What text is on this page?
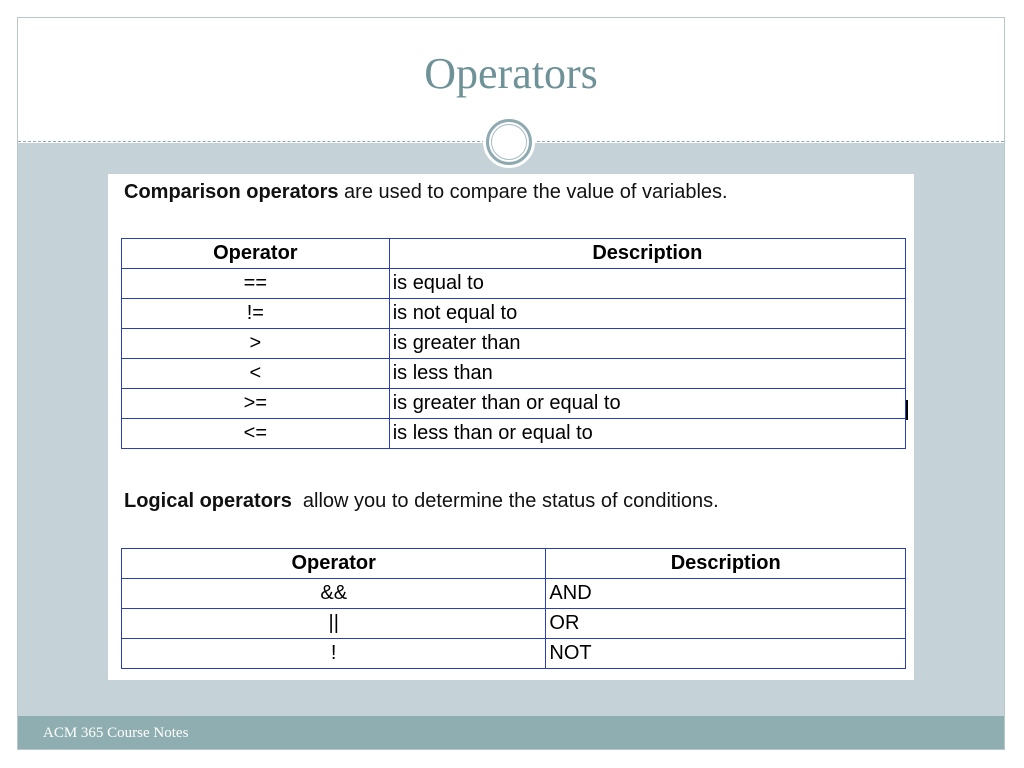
Operators
Comparison operators are used to compare the value of variables.
Operator	Description
==	is equal to
!=	is not equal to
>	is greater than
<	is less than
>=	is greater than or equal to
<=	is less than or equal to
Logical operators  allow you to determine the status of conditions.
Operator	Description
&&	AND
||	OR
!	NOT
ACM 365 Course Notes
